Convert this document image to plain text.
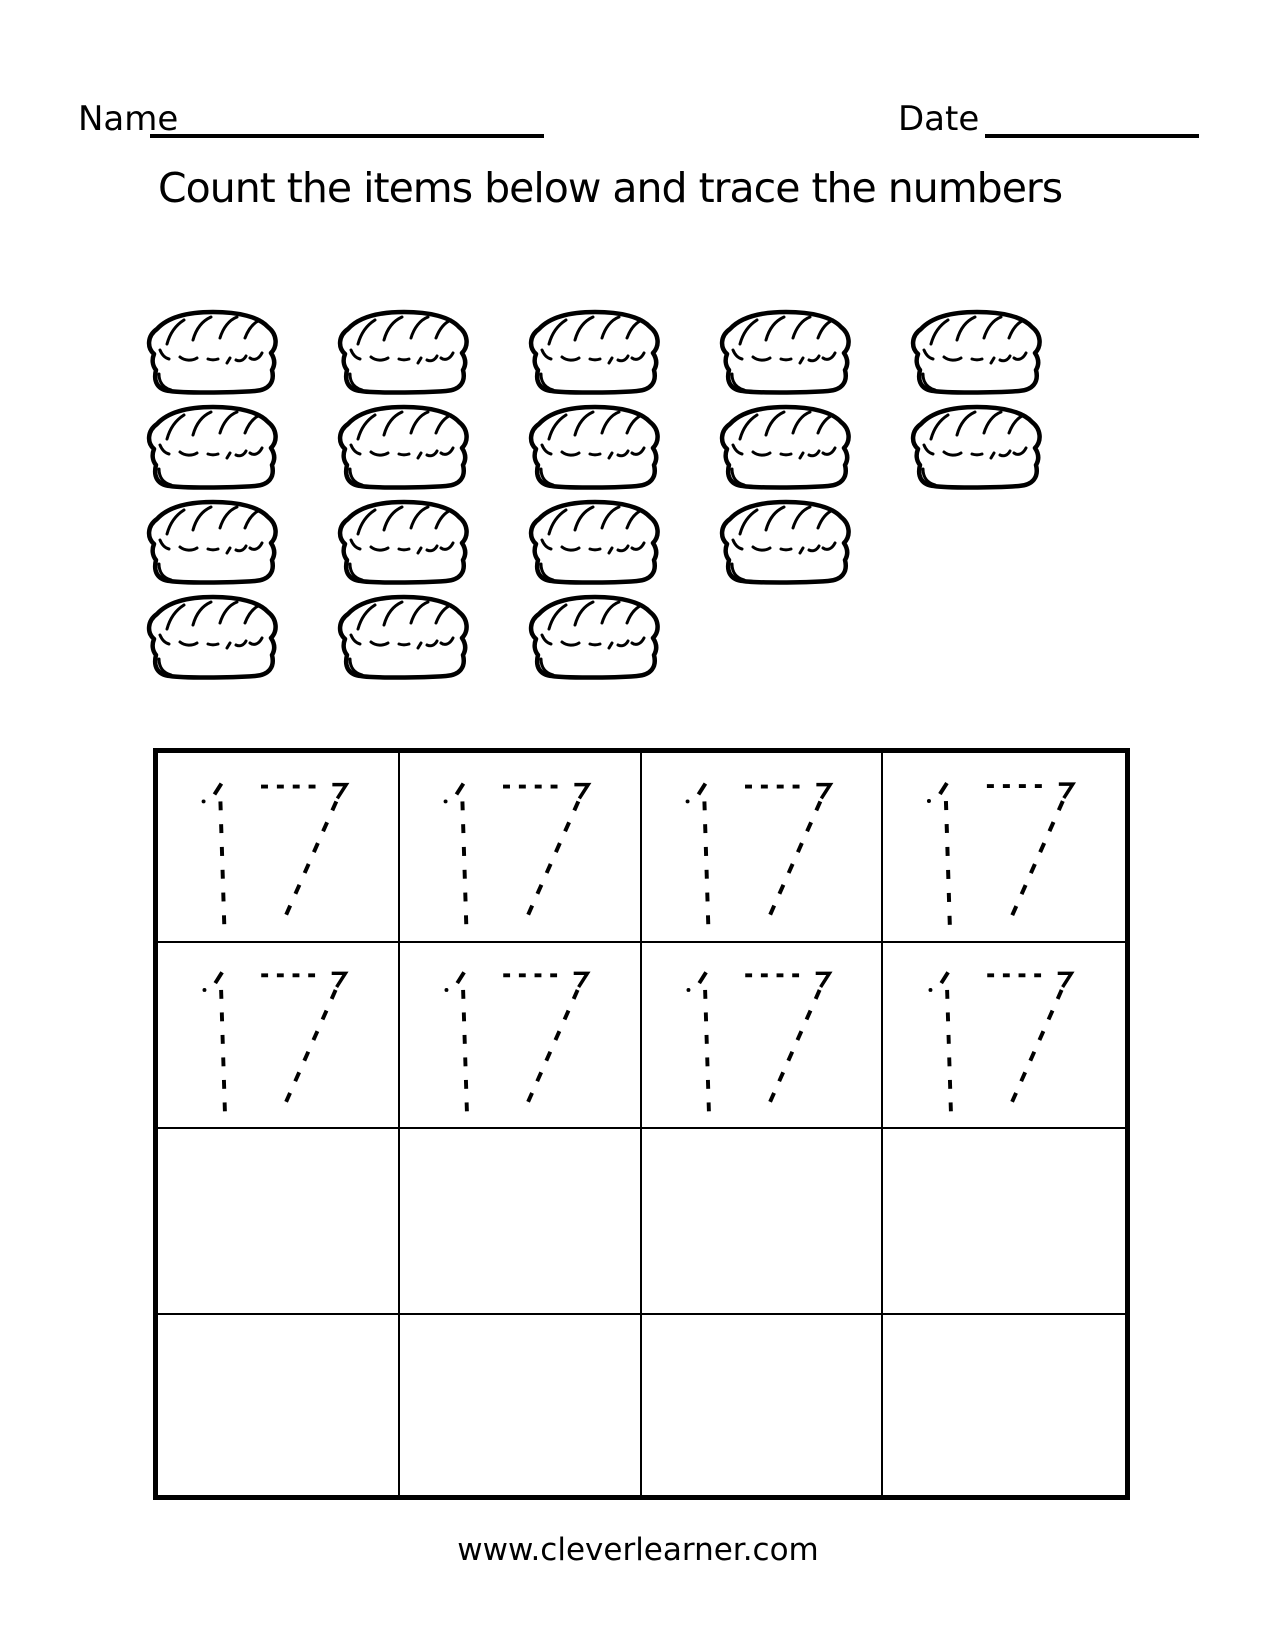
Name	Date
Count the items below and trace the numbers
www.cleverlearner.com
